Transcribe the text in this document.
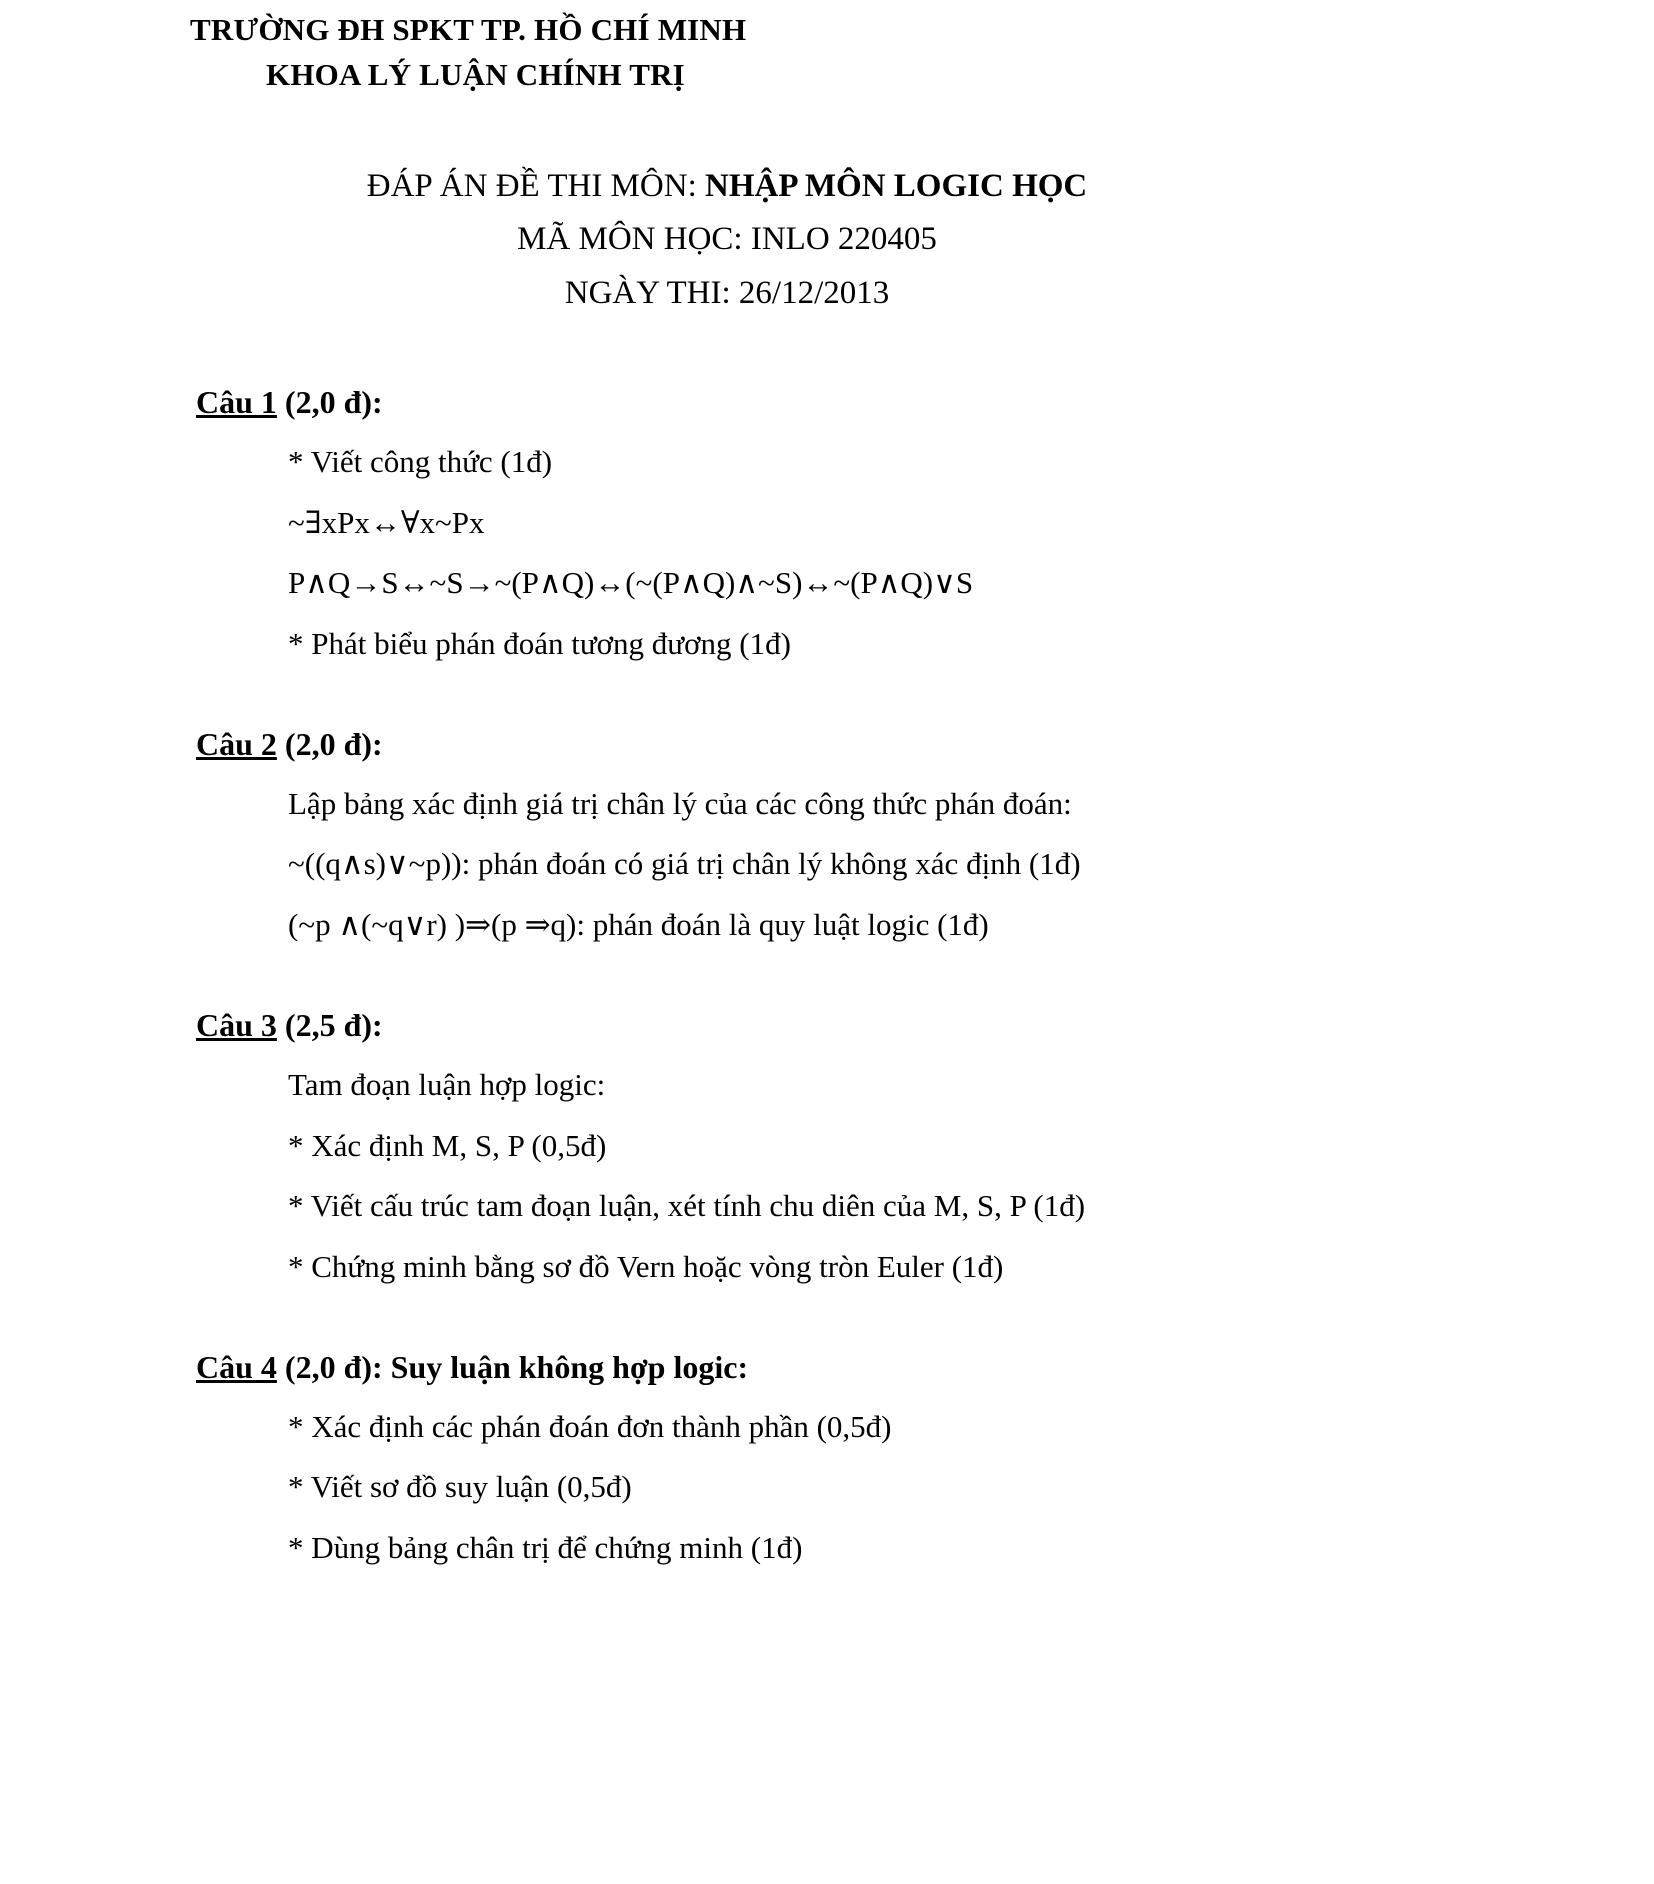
TRƯỜNG ĐH SPKT TP. HỒ CHÍ MINH
KHOA LÝ LUẬN CHÍNH TRỊ
ĐÁP ÁN ĐỀ THI MÔN: NHẬP MÔN LOGIC HỌC
MÃ MÔN HỌC: INLO 220405
NGÀY THI: 26/12/2013
Câu 1 (2,0 đ):
* Viết công thức (1đ)
~∃xPx↔∀x~Px
P∧Q→S↔~S→~(P∧Q)↔(~(P∧Q)∧~S)↔~(P∧Q)∨S
* Phát biểu phán đoán tương đương (1đ)
Câu 2 (2,0 đ):
Lập bảng xác định giá trị chân lý của các công thức phán đoán:
~((q∧s)∨~p)): phán đoán có giá trị chân lý không xác định (1đ)
(~p ∧(~q∨r) )⇒(p ⇒q): phán đoán là quy luật logic (1đ)
Câu 3 (2,5 đ):
Tam đoạn luận hợp logic:
* Xác định M, S, P (0,5đ)
* Viết cấu trúc tam đoạn luận, xét tính chu diên của M, S, P (1đ)
* Chứng minh bằng sơ đồ Vern hoặc vòng tròn Euler (1đ)
Câu 4 (2,0 đ): Suy luận không hợp logic:
* Xác định các phán đoán đơn thành phần (0,5đ)
* Viết sơ đồ suy luận (0,5đ)
* Dùng bảng chân trị để chứng minh (1đ)
